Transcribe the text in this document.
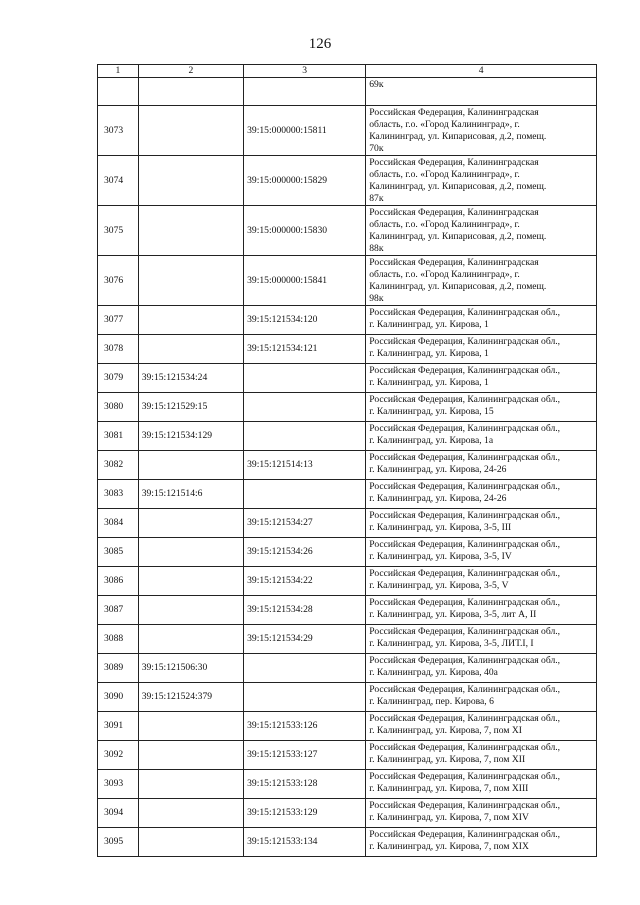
126
1	2	3	4

			69к

3073		39:15:000000:15811	Российская Федерация, Калининградская
область, г.о. «Город Калининград», г.
Калининград, ул. Кипарисовая, д.2, помещ.
70к

3074		39:15:000000:15829	Российская Федерация, Калининградская
область, г.о. «Город Калининград», г.
Калининград, ул. Кипарисовая, д.2, помещ.
87к

3075		39:15:000000:15830	Российская Федерация, Калининградская
область, г.о. «Город Калининград», г.
Калининград, ул. Кипарисовая, д.2, помещ.
88к

3076		39:15:000000:15841	Российская Федерация, Калининградская
область, г.о. «Город Калининград», г.
Калининград, ул. Кипарисовая, д.2, помещ.
98к

3077		39:15:121534:120	Российская Федерация, Калининградская обл.,
г. Калининград, ул. Кирова, 1

3078		39:15:121534:121	Российская Федерация, Калининградская обл.,
г. Калининград, ул. Кирова, 1

3079	39:15:121534:24		Российская Федерация, Калининградская обл.,
г. Калининград, ул. Кирова, 1

3080	39:15:121529:15		Российская Федерация, Калининградская обл.,
г. Калининград, ул. Кирова, 15

3081	39:15:121534:129		Российская Федерация, Калининградская обл.,
г. Калининград, ул. Кирова, 1а

3082		39:15:121514:13	Российская Федерация, Калининградская обл.,
г. Калининград, ул. Кирова, 24-26

3083	39:15:121514:6		Российская Федерация, Калининградская обл.,
г. Калининград, ул. Кирова, 24-26

3084		39:15:121534:27	Российская Федерация, Калининградская обл.,
г. Калининград, ул. Кирова, 3-5, III

3085		39:15:121534:26	Российская Федерация, Калининградская обл.,
г. Калининград, ул. Кирова, 3-5, IV

3086		39:15:121534:22	Российская Федерация, Калининградская обл.,
г. Калининград, ул. Кирова, 3-5, V

3087		39:15:121534:28	Российская Федерация, Калининградская обл.,
г. Калининград, ул. Кирова, 3-5, лит А, II

3088		39:15:121534:29	Российская Федерация, Калининградская обл.,
г. Калининград, ул. Кирова, 3-5, ЛИТ.I, I

3089	39:15:121506:30		Российская Федерация, Калининградская обл.,
г. Калининград, ул. Кирова, 40а

3090	39:15:121524:379		Российская Федерация, Калининградская обл.,
г. Калининград, пер. Кирова, 6

3091		39:15:121533:126	Российская Федерация, Калининградская обл.,
г. Калининград, ул. Кирова, 7, пом XI

3092		39:15:121533:127	Российская Федерация, Калининградская обл.,
г. Калининград, ул. Кирова, 7, пом XII

3093		39:15:121533:128	Российская Федерация, Калининградская обл.,
г. Калининград, ул. Кирова, 7, пом XIII

3094		39:15:121533:129	Российская Федерация, Калининградская обл.,
г. Калининград, ул. Кирова, 7, пом XIV

3095		39:15:121533:134	Российская Федерация, Калининградская обл.,
г. Калининград, ул. Кирова, 7, пом XIX
